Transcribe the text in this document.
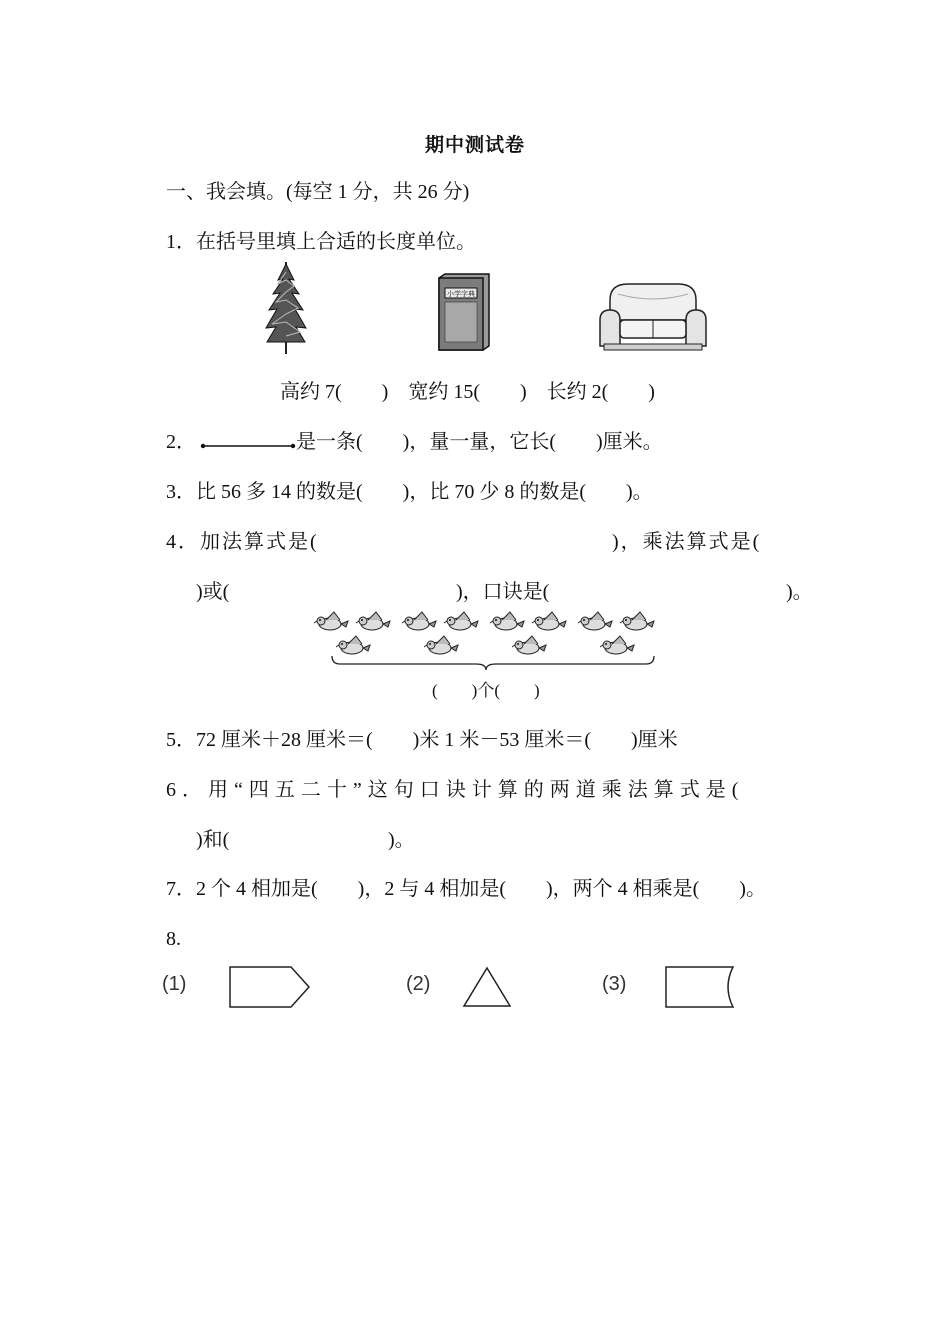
期中测试卷
一、我会填。(每空 1 分，共 26 分)
1．在括号里填上合适的长度单位。
小学字典
高约 7(　　)　宽约 15(　　)　长约 2(　　)
2．	是一条(　　)，量一量，它长(　　)厘米。
3．比 56 多 14 的数是(　　)，比 70 少 8 的数是(　　)。
4．加法算式是(	)，乘法算式是(
)或(	)，口诀是(	)。
(　　)个(　　)
5．72 厘米＋28 厘米＝(　　)米 1 米－53 厘米＝(　　)厘米
6．用“四五二十”这句口诀计算的两道乘法算式是(
)和(	)。
7．2 个 4 相加是(　　)，2 与 4 相加是(　　)，两个 4 相乘是(　　)。
8.
(1)	(2)	(3)
